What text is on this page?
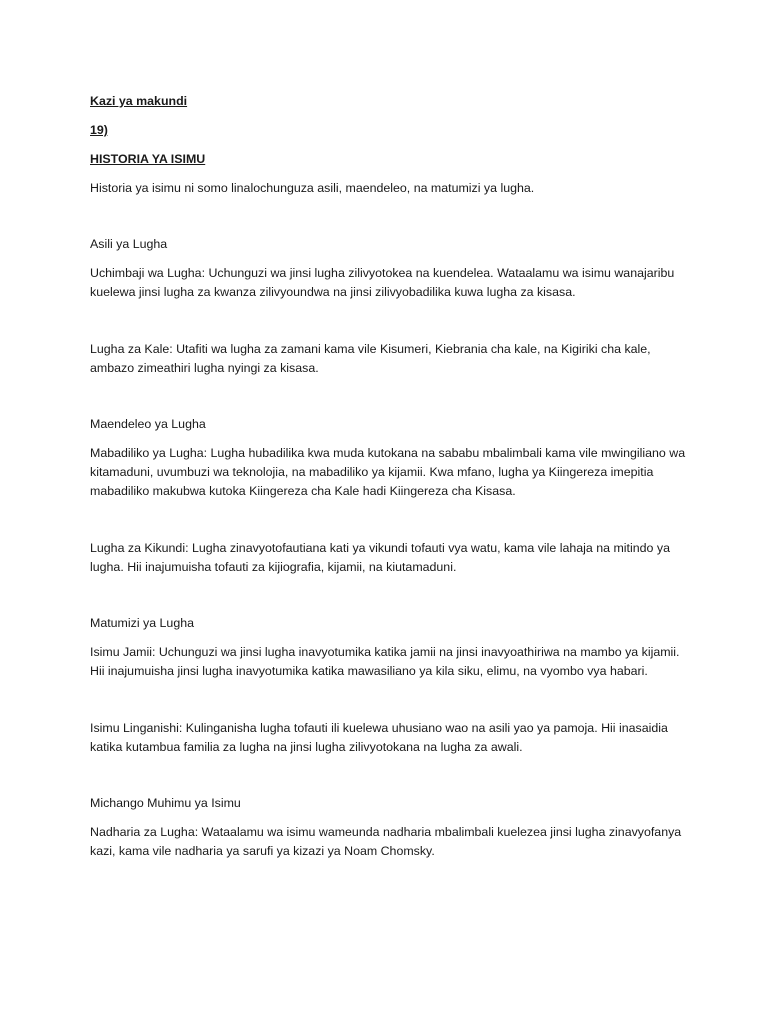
Kazi ya makundi

19)

HISTORIA YA ISIMU

Historia ya isimu ni somo linalochunguza asili, maendeleo, na matumizi ya lugha.

Asili ya Lugha

Uchimbaji wa Lugha: Uchunguzi wa jinsi lugha zilivyotokea na kuendelea. Wataalamu wa isimu wanajaribu kuelewa jinsi lugha za kwanza zilivyoundwa na jinsi zilivyobadilika kuwa lugha za kisasa.

Lugha za Kale: Utafiti wa lugha za zamani kama vile Kisumeri, Kiebrania cha kale, na Kigiriki cha kale, ambazo zimeathiri lugha nyingi za kisasa.

Maendeleo ya Lugha

Mabadiliko ya Lugha: Lugha hubadilika kwa muda kutokana na sababu mbalimbali kama vile mwingiliano wa kitamaduni, uvumbuzi wa teknolojia, na mabadiliko ya kijamii. Kwa mfano, lugha ya Kiingereza imepitia mabadiliko makubwa kutoka Kiingereza cha Kale hadi Kiingereza cha Kisasa.

Lugha za Kikundi: Lugha zinavyotofautiana kati ya vikundi tofauti vya watu, kama vile lahaja na mitindo ya lugha. Hii inajumuisha tofauti za kijiografia, kijamii, na kiutamaduni.

Matumizi ya Lugha

Isimu Jamii: Uchunguzi wa jinsi lugha inavyotumika katika jamii na jinsi inavyoathiriwa na mambo ya kijamii. Hii inajumuisha jinsi lugha inavyotumika katika mawasiliano ya kila siku, elimu, na vyombo vya habari.

Isimu Linganishi: Kulinganisha lugha tofauti ili kuelewa uhusiano wao na asili yao ya pamoja. Hii inasaidia katika kutambua familia za lugha na jinsi lugha zilivyotokana na lugha za awali.

Michango Muhimu ya Isimu

Nadharia za Lugha: Wataalamu wa isimu wameunda nadharia mbalimbali kuelezea jinsi lugha zinavyofanya kazi, kama vile nadharia ya sarufi ya kizazi ya Noam Chomsky.
